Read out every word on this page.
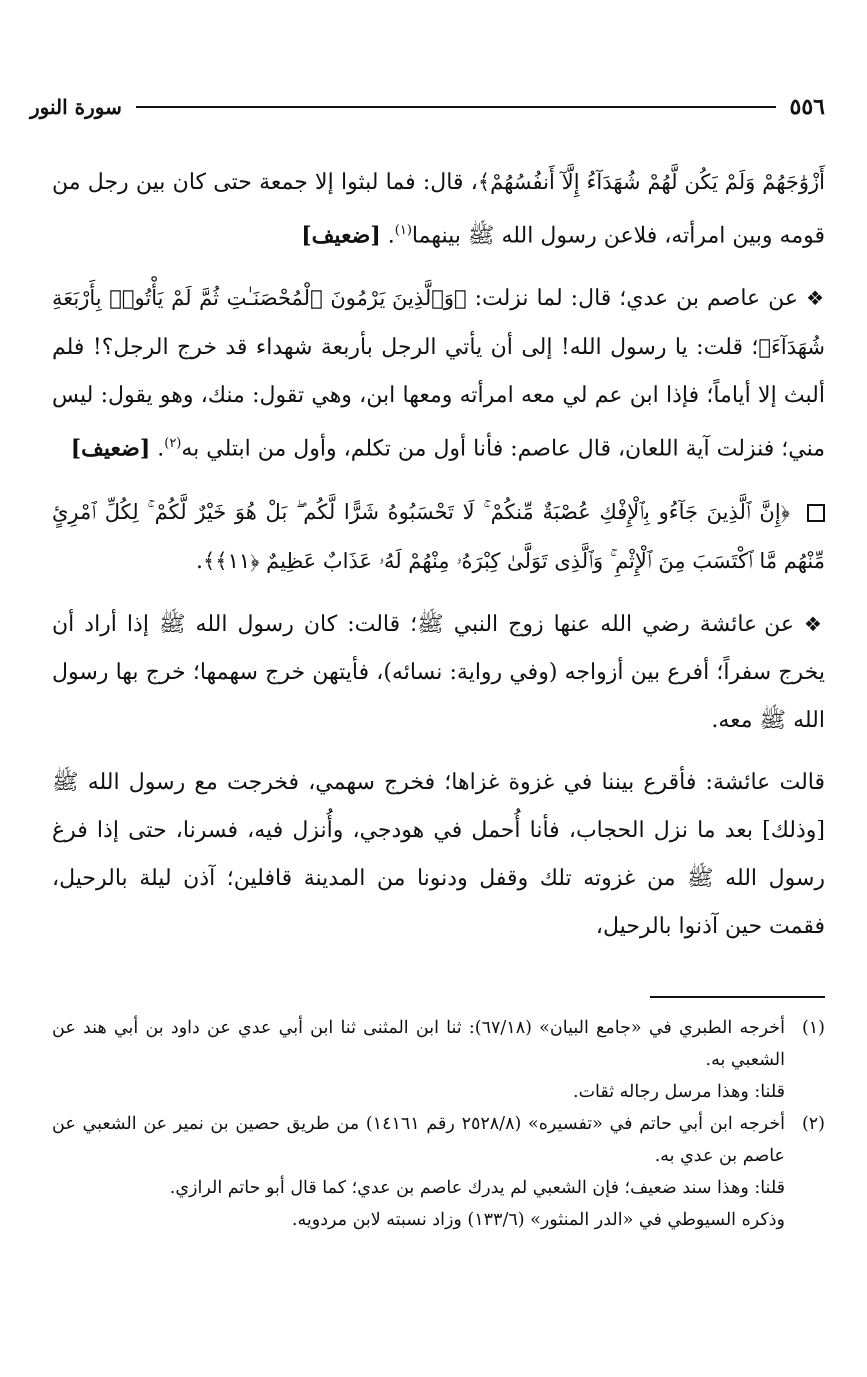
٥٥٦
سورة النور

أَزْوَٰجَهُمْ وَلَمْ يَكُن لَّهُمْ شُهَدَآءُ إِلَّآ أَنفُسُهُمْ﴾، قال: فما لبثوا إلا جمعة حتى كان بين رجل من قومه وبين امرأته، فلاعن رسول الله ﷺ بينهما$^{(١)}$. [ضعيف]

❖ عن عاصم بن عدي؛ قال: لما نزلت: ﴿وَٱلَّذِينَ يَرْمُونَ ٱلْمُحْصَنَـٰتِ ثُمَّ لَمْ يَأْتُوا۟ بِأَرْبَعَةِ شُهَدَآءَ﴾؛ قلت: يا رسول الله! إلى أن يأتي الرجل بأربعة شهداء قد خرج الرجل؟! فلم ألبث إلا أياماً؛ فإذا ابن عم لي معه امرأته ومعها ابن، وهي تقول: منك، وهو يقول: ليس مني؛ فنزلت آية اللعان، قال عاصم: فأنا أول من تكلم، وأول من ابتلي به$^{(٢)}$. [ضعيف]

﴿إِنَّ ٱلَّذِينَ جَآءُو بِٱلْإِفْكِ عُصْبَةٌ مِّنكُمْ ۚ لَا تَحْسَبُوهُ شَرًّا لَّكُم ۖ بَلْ هُوَ خَيْرٌ لَّكُمْ ۚ لِكُلِّ ٱمْرِئٍ مِّنْهُم مَّا ٱكْتَسَبَ مِنَ ٱلْإِثْمِ ۚ وَٱلَّذِى تَوَلَّىٰ كِبْرَهُۥ مِنْهُمْ لَهُۥ عَذَابٌ عَظِيمٌ ﴿١١﴾﴾.

❖ عن عائشة رضي الله عنها زوج النبي ﷺ؛ قالت: كان رسول الله ﷺ إذا أراد أن يخرج سفراً؛ أفرع بين أزواجه (وفي رواية: نسائه)، فأيتهن خرج سهمها؛ خرج بها رسول الله ﷺ معه.

قالت عائشة: فأقرع بيننا في غزوة غزاها؛ فخرج سهمي، فخرجت مع رسول الله ﷺ [وذلك] بعد ما نزل الحجاب، فأنا أُحمل في هودجي، وأُنزل فيه، فسرنا، حتى إذا فرغ رسول الله ﷺ من غزوته تلك وقفل ودنونا من المدينة قافلين؛ آذن ليلة بالرحيل، فقمت حين آذنوا بالرحيل،

(١)
أخرجه الطبري في «جامع البيان» (٦٧/١٨): ثنا ابن المثنى ثنا ابن أبي عدي عن داود بن أبي هند عن الشعبي به.
قلنا: وهذا مرسل رجاله ثقات.
(٢)
أخرجه ابن أبي حاتم في «تفسيره» (٢٥٢٨/٨ رقم ١٤١٦١) من طريق حصين بن نمير عن الشعبي عن عاصم بن عدي به.
قلنا: وهذا سند ضعيف؛ فإن الشعبي لم يدرك عاصم بن عدي؛ كما قال أبو حاتم الرازي.
وذكره السيوطي في «الدر المنثور» (١٣٣/٦) وزاد نسبته لابن مردويه.
